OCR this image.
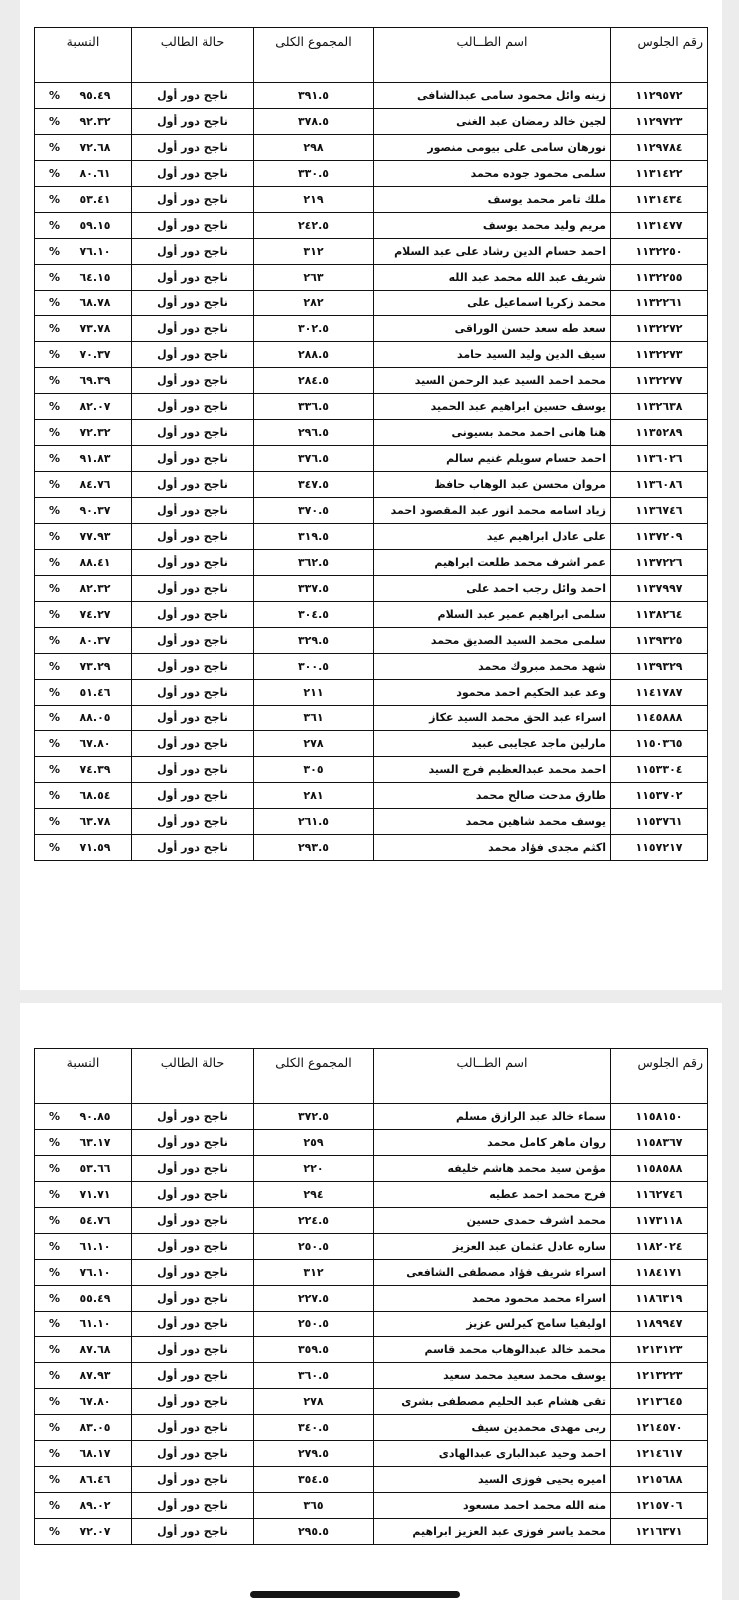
رقم الجلوس	اسم الطــالب	المجموع الكلى	حالة الطالب	النسبة
١١٢٩٥٧٢	زينه وائل محمود سامى عبدالشافى	٣٩١.٥	ناجح دور أول	٩٥.٤٩%
١١٢٩٧٢٣	لجين خالد رمضان عبد الغنى	٣٧٨.٥	ناجح دور أول	٩٢.٣٢%
١١٢٩٧٨٤	نورهان سامى على بيومى منصور	٢٩٨	ناجح دور أول	٧٢.٦٨%
١١٣١٤٢٢	سلمى محمود جوده محمد	٣٣٠.٥	ناجح دور أول	٨٠.٦١%
١١٣١٤٣٤	ملك تامر محمد يوسف	٢١٩	ناجح دور أول	٥٣.٤١%
١١٣١٤٧٧	مريم وليد محمد يوسف	٢٤٢.٥	ناجح دور أول	٥٩.١٥%
١١٣٢٢٥٠	احمد حسام الدين رشاد على عبد السلام	٣١٢	ناجح دور أول	٧٦.١٠%
١١٣٢٢٥٥	شريف عبد الله محمد عبد الله	٢٦٣	ناجح دور أول	٦٤.١٥%
١١٣٢٢٦١	محمد زكريا اسماعيل على	٢٨٢	ناجح دور أول	٦٨.٧٨%
١١٣٢٢٧٢	سعد طه سعد حسن الوراقى	٣٠٢.٥	ناجح دور أول	٧٣.٧٨%
١١٣٢٢٧٣	سيف الدين وليد السيد حامد	٢٨٨.٥	ناجح دور أول	٧٠.٣٧%
١١٣٢٢٧٧	محمد احمد السيد عبد الرحمن السيد	٢٨٤.٥	ناجح دور أول	٦٩.٣٩%
١١٣٢٦٣٨	يوسف حسين ابراهيم عبد الحميد	٣٣٦.٥	ناجح دور أول	٨٢.٠٧%
١١٣٥٢٨٩	هنا هانى احمد محمد بسيونى	٢٩٦.٥	ناجح دور أول	٧٢.٣٢%
١١٣٦٠٢٦	احمد حسام سويلم غنيم سالم	٣٧٦.٥	ناجح دور أول	٩١.٨٣%
١١٣٦٠٨٦	مروان محسن عبد الوهاب حافظ	٣٤٧.٥	ناجح دور أول	٨٤.٧٦%
١١٣٦٧٤٦	زياد اسامه محمد انور عبد المقصود احمد	٣٧٠.٥	ناجح دور أول	٩٠.٣٧%
١١٣٧٢٠٩	على عادل ابراهيم عيد	٣١٩.٥	ناجح دور أول	٧٧.٩٣%
١١٣٧٢٢٦	عمر اشرف محمد طلعت ابراهيم	٣٦٢.٥	ناجح دور أول	٨٨.٤١%
١١٣٧٩٩٧	احمد وائل رجب احمد على	٣٣٧.٥	ناجح دور أول	٨٢.٣٢%
١١٣٨٢٦٤	سلمى ابراهيم عمير عبد السلام	٣٠٤.٥	ناجح دور أول	٧٤.٢٧%
١١٣٩٣٢٥	سلمى محمد السيد الصديق محمد	٣٢٩.٥	ناجح دور أول	٨٠.٣٧%
١١٣٩٣٢٩	شهد محمد مبروك محمد	٣٠٠.٥	ناجح دور أول	٧٣.٢٩%
١١٤١٧٨٧	وعد عبد الحكيم احمد محمود	٢١١	ناجح دور أول	٥١.٤٦%
١١٤٥٨٨٨	اسراء عبد الحق محمد السيد عكاز	٣٦١	ناجح دور أول	٨٨.٠٥%
١١٥٠٣٦٥	مارلين ماجد عجايبى عبيد	٢٧٨	ناجح دور أول	٦٧.٨٠%
١١٥٣٣٠٤	احمد محمد عبدالعظيم فرج السيد	٣٠٥	ناجح دور أول	٧٤.٣٩%
١١٥٣٧٠٢	طارق مدحت صالح محمد	٢٨١	ناجح دور أول	٦٨.٥٤%
١١٥٣٧٦١	يوسف محمد شاهين محمد	٢٦١.٥	ناجح دور أول	٦٣.٧٨%
١١٥٧٢١٧	اكثم مجدى فؤاد محمد	٢٩٣.٥	ناجح دور أول	٧١.٥٩%
رقم الجلوس	اسم الطــالب	المجموع الكلى	حالة الطالب	النسبة
١١٥٨١٥٠	سماء خالد عبد الرازق مسلم	٣٧٢.٥	ناجح دور أول	٩٠.٨٥%
١١٥٨٣٦٧	روان ماهر كامل محمد	٢٥٩	ناجح دور أول	٦٣.١٧%
١١٥٨٥٨٨	مؤمن سيد محمد هاشم خليفه	٢٢٠	ناجح دور أول	٥٣.٦٦%
١١٦٢٧٤٦	فرح محمد احمد عطيه	٢٩٤	ناجح دور أول	٧١.٧١%
١١٧٣١١٨	محمد اشرف حمدى حسين	٢٢٤.٥	ناجح دور أول	٥٤.٧٦%
١١٨٢٠٢٤	ساره عادل عثمان عبد العزيز	٢٥٠.٥	ناجح دور أول	٦١.١٠%
١١٨٤١٧١	اسراء شريف فؤاد مصطفى الشافعى	٣١٢	ناجح دور أول	٧٦.١٠%
١١٨٦٣١٩	اسراء محمد محمود محمد	٢٢٧.٥	ناجح دور أول	٥٥.٤٩%
١١٨٩٩٤٧	اوليفيا سامح كيرلس عزيز	٢٥٠.٥	ناجح دور أول	٦١.١٠%
١٢١٣١٢٣	محمد خالد عبدالوهاب محمد قاسم	٣٥٩.٥	ناجح دور أول	٨٧.٦٨%
١٢١٣٢٢٣	يوسف محمد سعيد محمد سعيد	٣٦٠.٥	ناجح دور أول	٨٧.٩٣%
١٢١٣٦٤٥	تقى هشام عبد الحليم مصطفى بشرى	٢٧٨	ناجح دور أول	٦٧.٨٠%
١٢١٤٥٧٠	ربى مهدى محمدين سيف	٣٤٠.٥	ناجح دور أول	٨٣.٠٥%
١٢١٤٦١٧	احمد وحيد عبدالبارى عبدالهادى	٢٧٩.٥	ناجح دور أول	٦٨.١٧%
١٢١٥٦٨٨	اميره يحيى فوزى السيد	٣٥٤.٥	ناجح دور أول	٨٦.٤٦%
١٢١٥٧٠٦	منه الله محمد احمد مسعود	٣٦٥	ناجح دور أول	٨٩.٠٢%
١٢١٦٣٧١	محمد ياسر فوزى عبد العزيز ابراهيم	٢٩٥.٥	ناجح دور أول	٧٢.٠٧%
